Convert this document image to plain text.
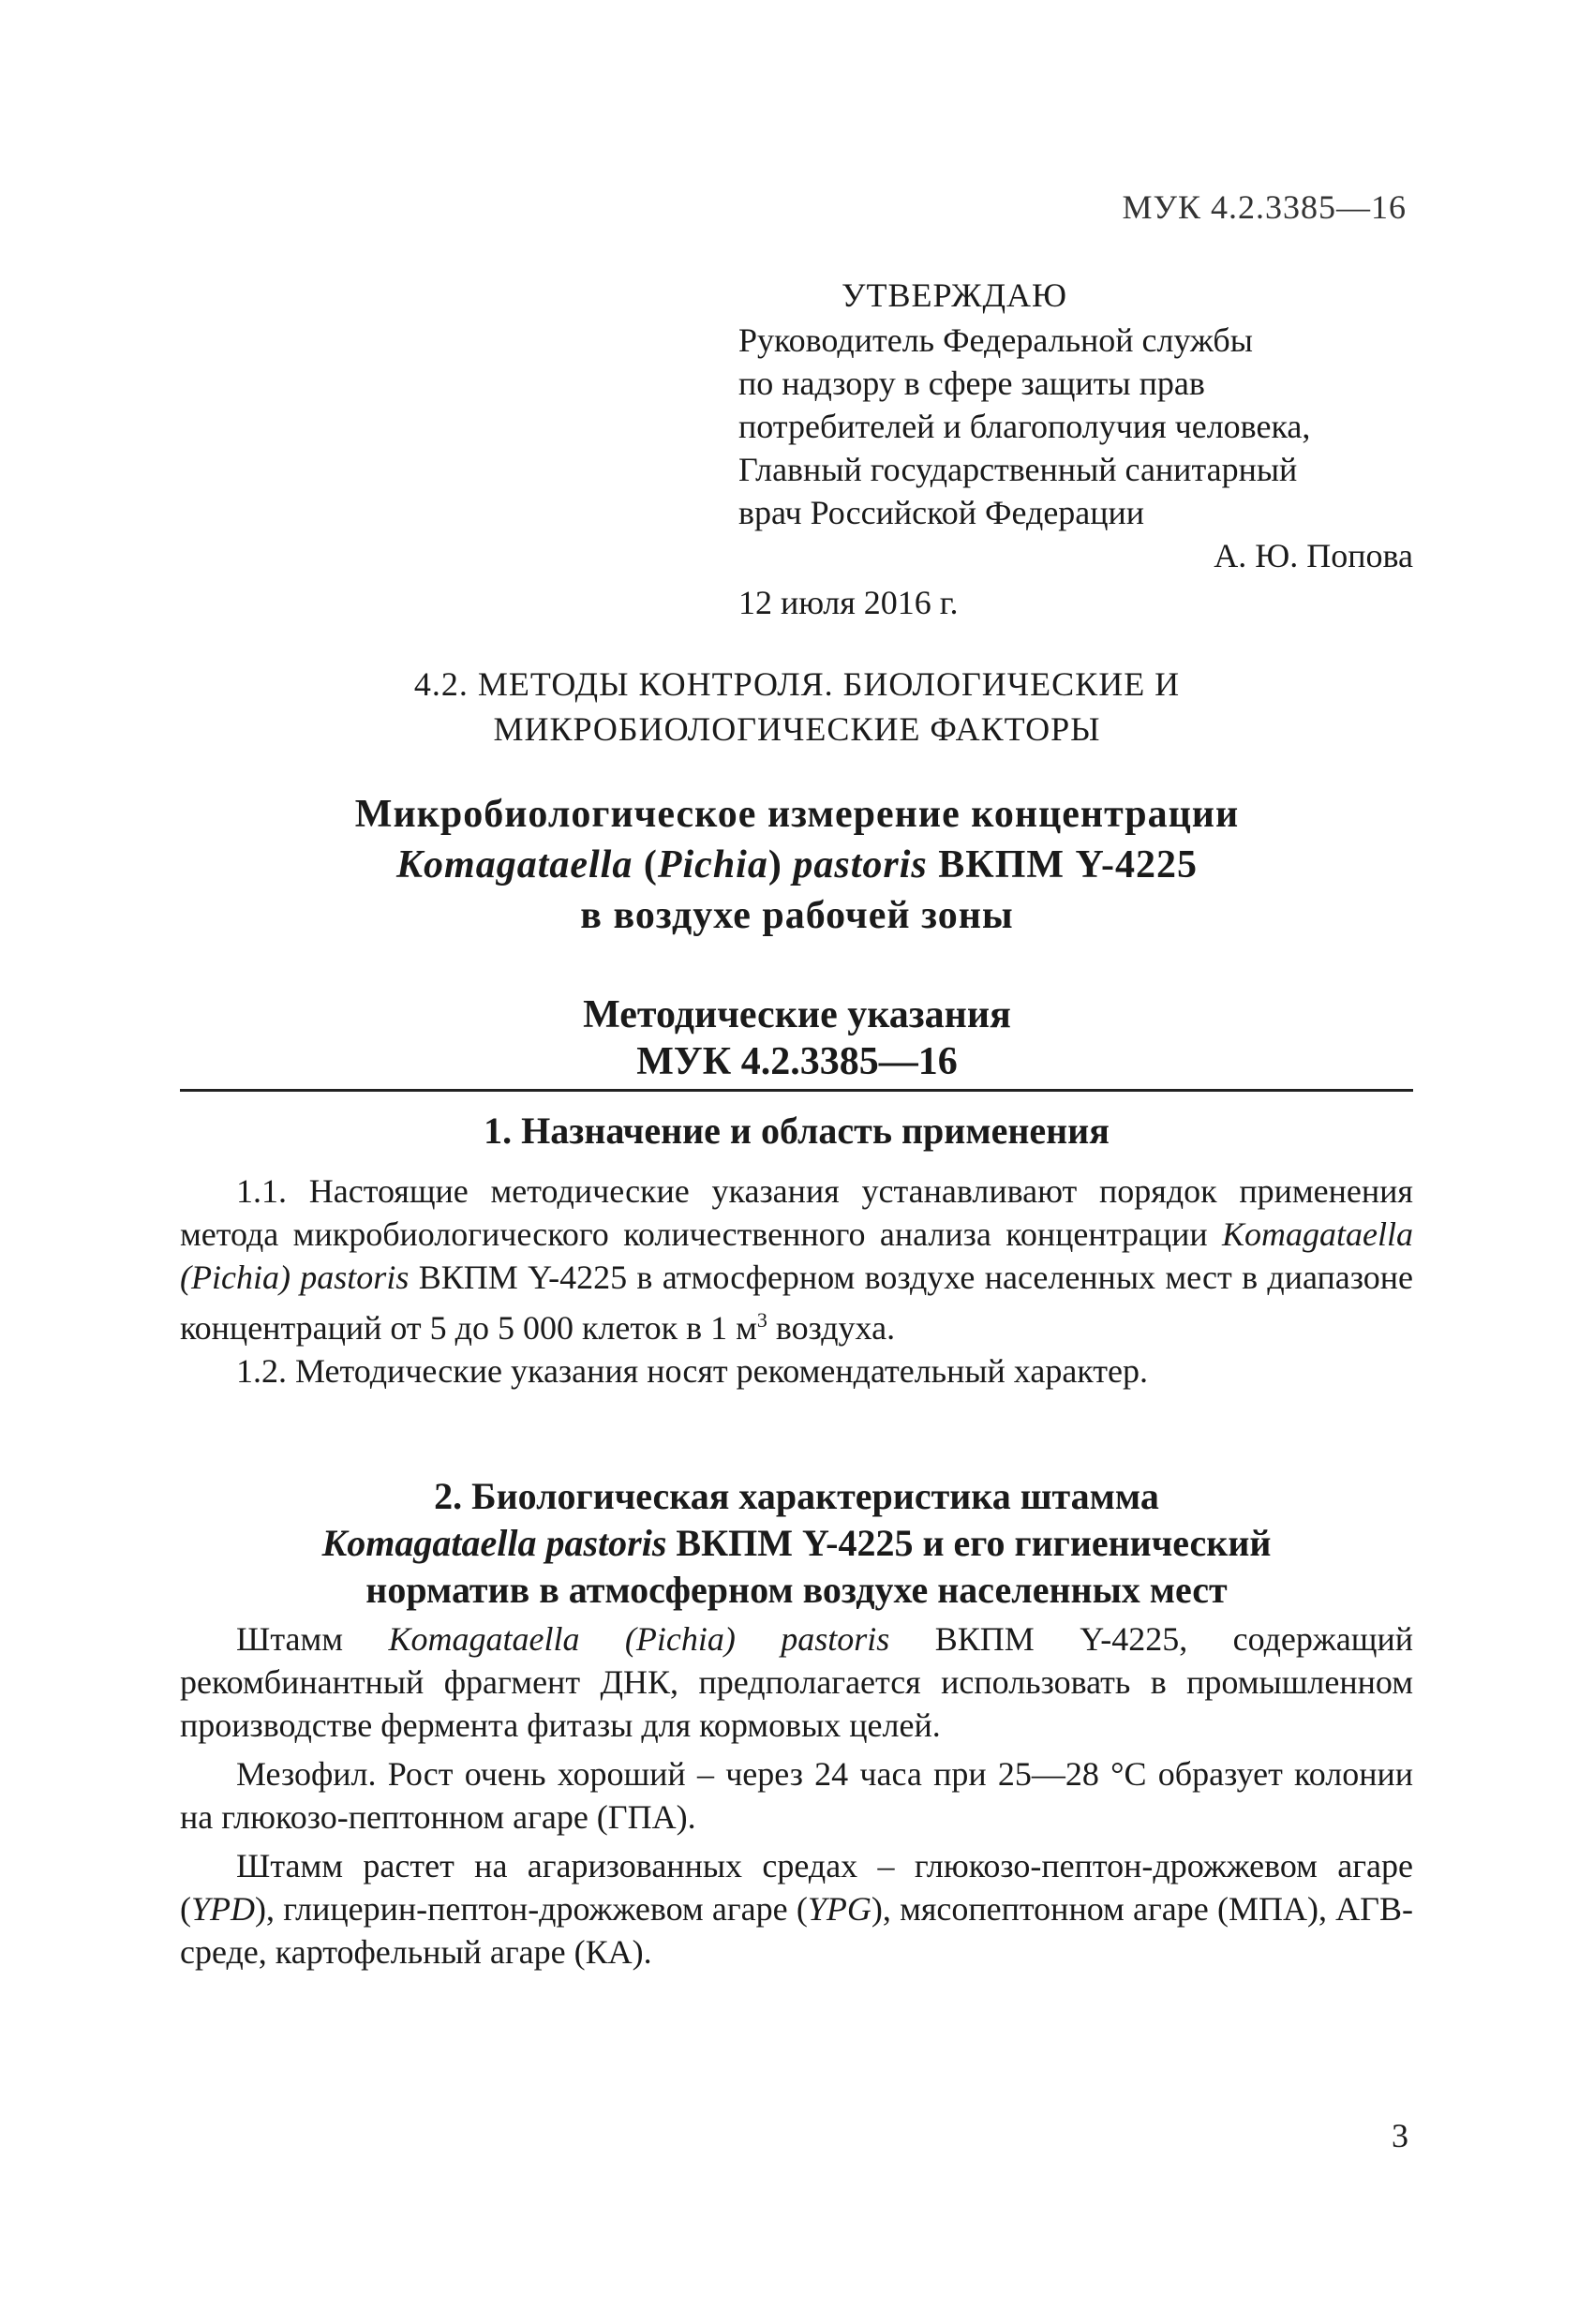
МУК 4.2.3385—16
УТВЕРЖДАЮ
Руководитель Федеральной службы
по надзору в сфере защиты прав
потребителей и благополучия человека,
Главный государственный санитарный
врач Российской Федерации
А. Ю. Попова
12 июля 2016 г.
4.2. МЕТОДЫ КОНТРОЛЯ. БИОЛОГИЧЕСКИЕ И
МИКРОБИОЛОГИЧЕСКИЕ ФАКТОРЫ
Микробиологическое измерение концентрации
Komagataella (Pichia) pastoris ВКПМ Y-4225
в воздухе рабочей зоны
Методические указания
МУК 4.2.3385—16
1. Назначение и область применения

1.1. Настоящие методические указания устанавливают порядок применения метода микробиологического количественного анализа концентрации Komagataella (Pichia) pastoris ВКПМ Y-4225 в атмосферном воздухе населенных мест в диапазоне концентраций от 5 до 5 000 клеток в 1 $м^3$ воздуха.

1.2. Методические указания носят рекомендательный характер.

2. Биологическая характеристика штамма
Komagataella pastoris ВКПМ Y-4225 и его гигиенический
норматив в атмосферном воздухе населенных мест

Штамм Komagataella (Pichia) pastoris ВКПМ Y-4225, содержащий рекомбинантный фрагмент ДНК, предполагается использовать в промышленном производстве фермента фитазы для кормовых целей.

Мезофил. Рост очень хороший – через 24 часа при 25—28 °С образует колонии на глюкозо-пептонном агаре (ГПА).

Штамм растет на агаризованных средах – глюкозо-пептон-дрожжевом агаре (YPD), глицерин-пептон-дрожжевом агаре (YPG), мясопептонном агаре (МПА), АГВ-среде, картофельный агаре (КА).

3
